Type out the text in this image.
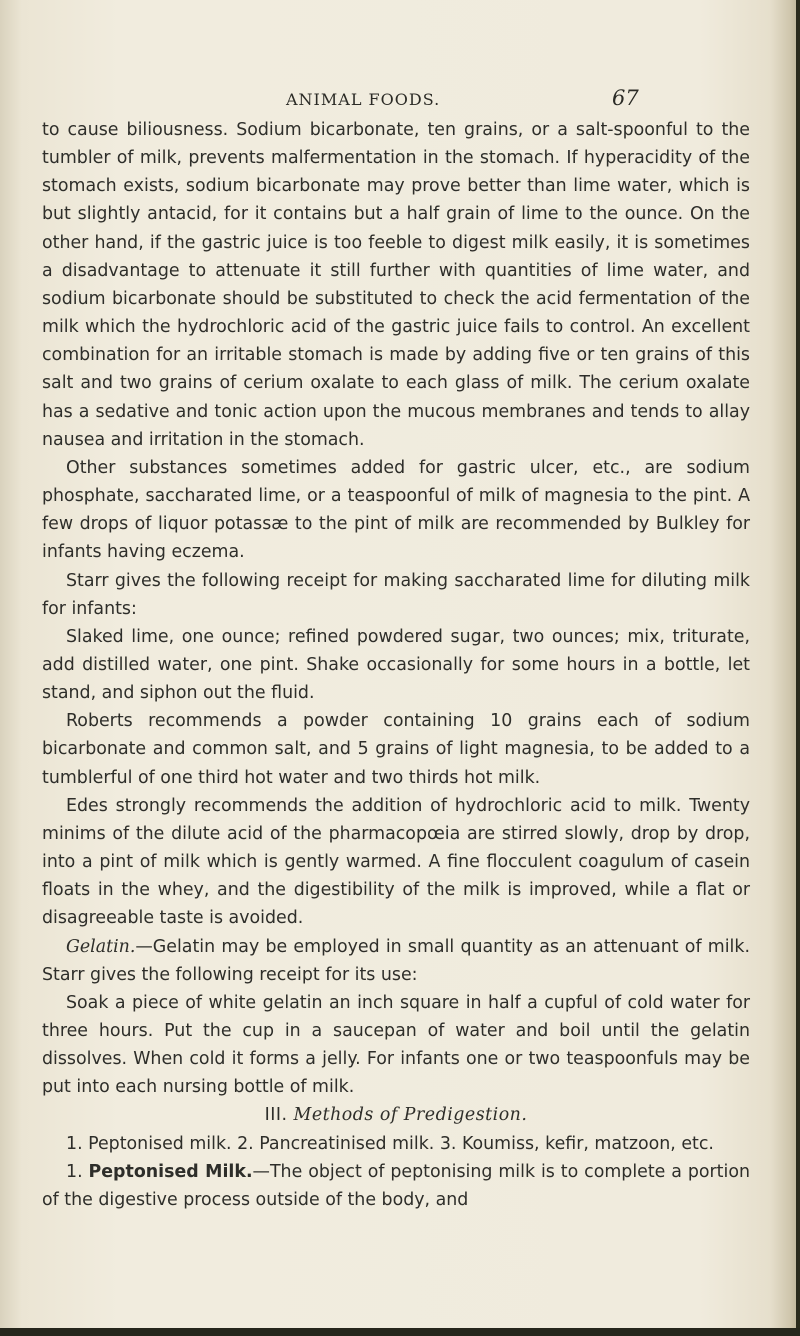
ANIMAL FOODS.	67

to cause biliousness. Sodium bicarbonate, ten grains, or a salt-spoonful to the tumbler of milk, prevents malfermentation in the stomach. If hyperacidity of the stomach exists, sodium bicarbonate may prove better than lime water, which is but slightly antacid, for it contains but a half grain of lime to the ounce. On the other hand, if the gastric juice is too feeble to digest milk easily, it is sometimes a disadvantage to attenuate it still further with quantities of lime water, and sodium bicarbonate should be substituted to check the acid fermentation of the milk which the hydrochloric acid of the gastric juice fails to control. An excellent combination for an irritable stomach is made by adding five or ten grains of this salt and two grains of cerium oxalate to each glass of milk. The cerium oxalate has a sedative and tonic action upon the mucous membranes and tends to allay nausea and irritation in the stomach.

Other substances sometimes added for gastric ulcer, etc., are sodium phosphate, saccharated lime, or a teaspoonful of milk of magnesia to the pint. A few drops of liquor potassæ to the pint of milk are recommended by Bulkley for infants having eczema.

Starr gives the following receipt for making saccharated lime for diluting milk for infants:

Slaked lime, one ounce; refined powdered sugar, two ounces; mix, triturate, add distilled water, one pint. Shake occasionally for some hours in a bottle, let stand, and siphon out the fluid.

Roberts recommends a powder containing 10 grains each of sodium bicarbonate and common salt, and 5 grains of light magnesia, to be added to a tumblerful of one third hot water and two thirds hot milk.

Edes strongly recommends the addition of hydrochloric acid to milk. Twenty minims of the dilute acid of the pharmacopœia are stirred slowly, drop by drop, into a pint of milk which is gently warmed. A fine flocculent coagulum of casein floats in the whey, and the digestibility of the milk is improved, while a flat or disagreeable taste is avoided.

Gelatin.—Gelatin may be employed in small quantity as an attenuant of milk. Starr gives the following receipt for its use:

Soak a piece of white gelatin an inch square in half a cupful of cold water for three hours. Put the cup in a saucepan of water and boil until the gelatin dissolves. When cold it forms a jelly. For infants one or two teaspoonfuls may be put into each nursing bottle of milk.

III. Methods of Predigestion.

1. Peptonised milk. 2. Pancreatinised milk. 3. Koumiss, kefir, matzoon, etc.

1. Peptonised Milk.—The object of peptonising milk is to complete a portion of the digestive process outside of the body, and
